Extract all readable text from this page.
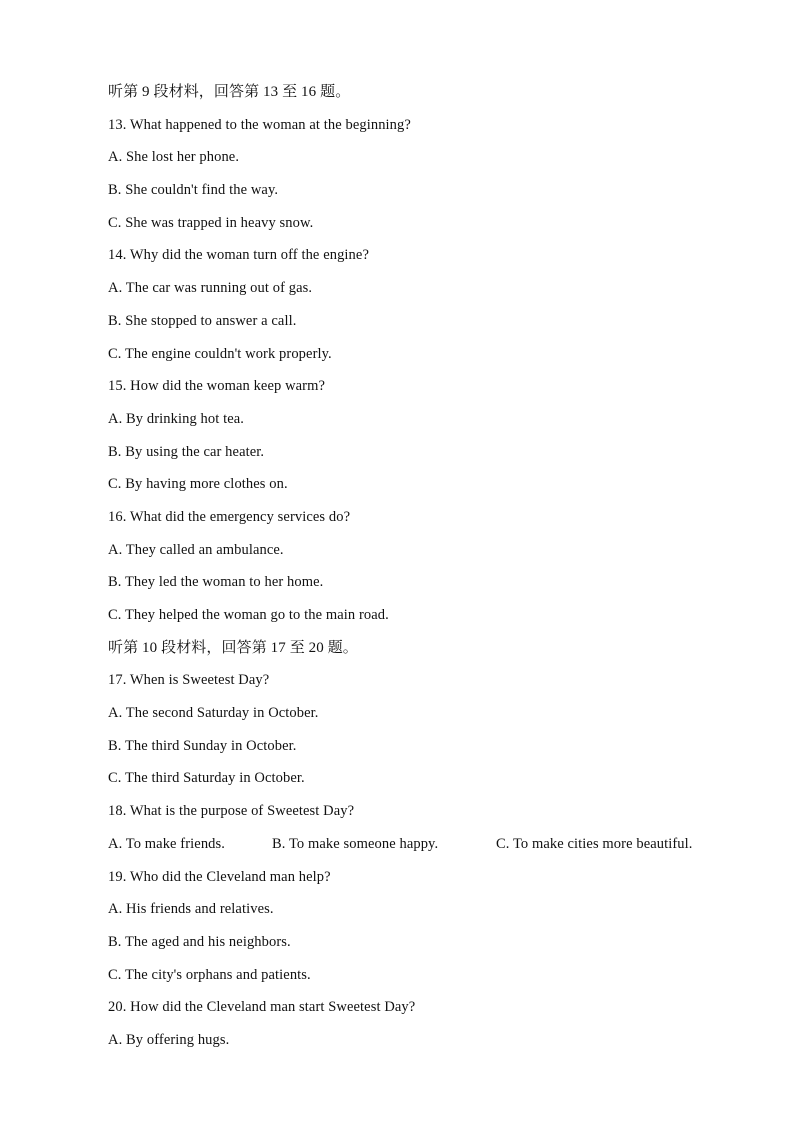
听第 9 段材料，回答第 13 至 16 题。
13. What happened to the woman at the beginning?
A. She lost her phone.
B. She couldn't find the way.
C. She was trapped in heavy snow.
14. Why did the woman turn off the engine?
A. The car was running out of gas.
B. She stopped to answer a call.
C. The engine couldn't work properly.
15. How did the woman keep warm?
A. By drinking hot tea.
B. By using the car heater.
C. By having more clothes on.
16. What did the emergency services do?
A. They called an ambulance.
B. They led the woman to her home.
C. They helped the woman go to the main road.
听第 10 段材料，回答第 17 至 20 题。
17. When is Sweetest Day?
A. The second Saturday in October.
B. The third Sunday in October.
C. The third Saturday in October.
18. What is the purpose of Sweetest Day?
A. To make friends.	B. To make someone happy.	C. To make cities more beautiful.
19. Who did the Cleveland man help?
A. His friends and relatives.
B. The aged and his neighbors.
C. The city's orphans and patients.
20. How did the Cleveland man start Sweetest Day?
A. By offering hugs.
